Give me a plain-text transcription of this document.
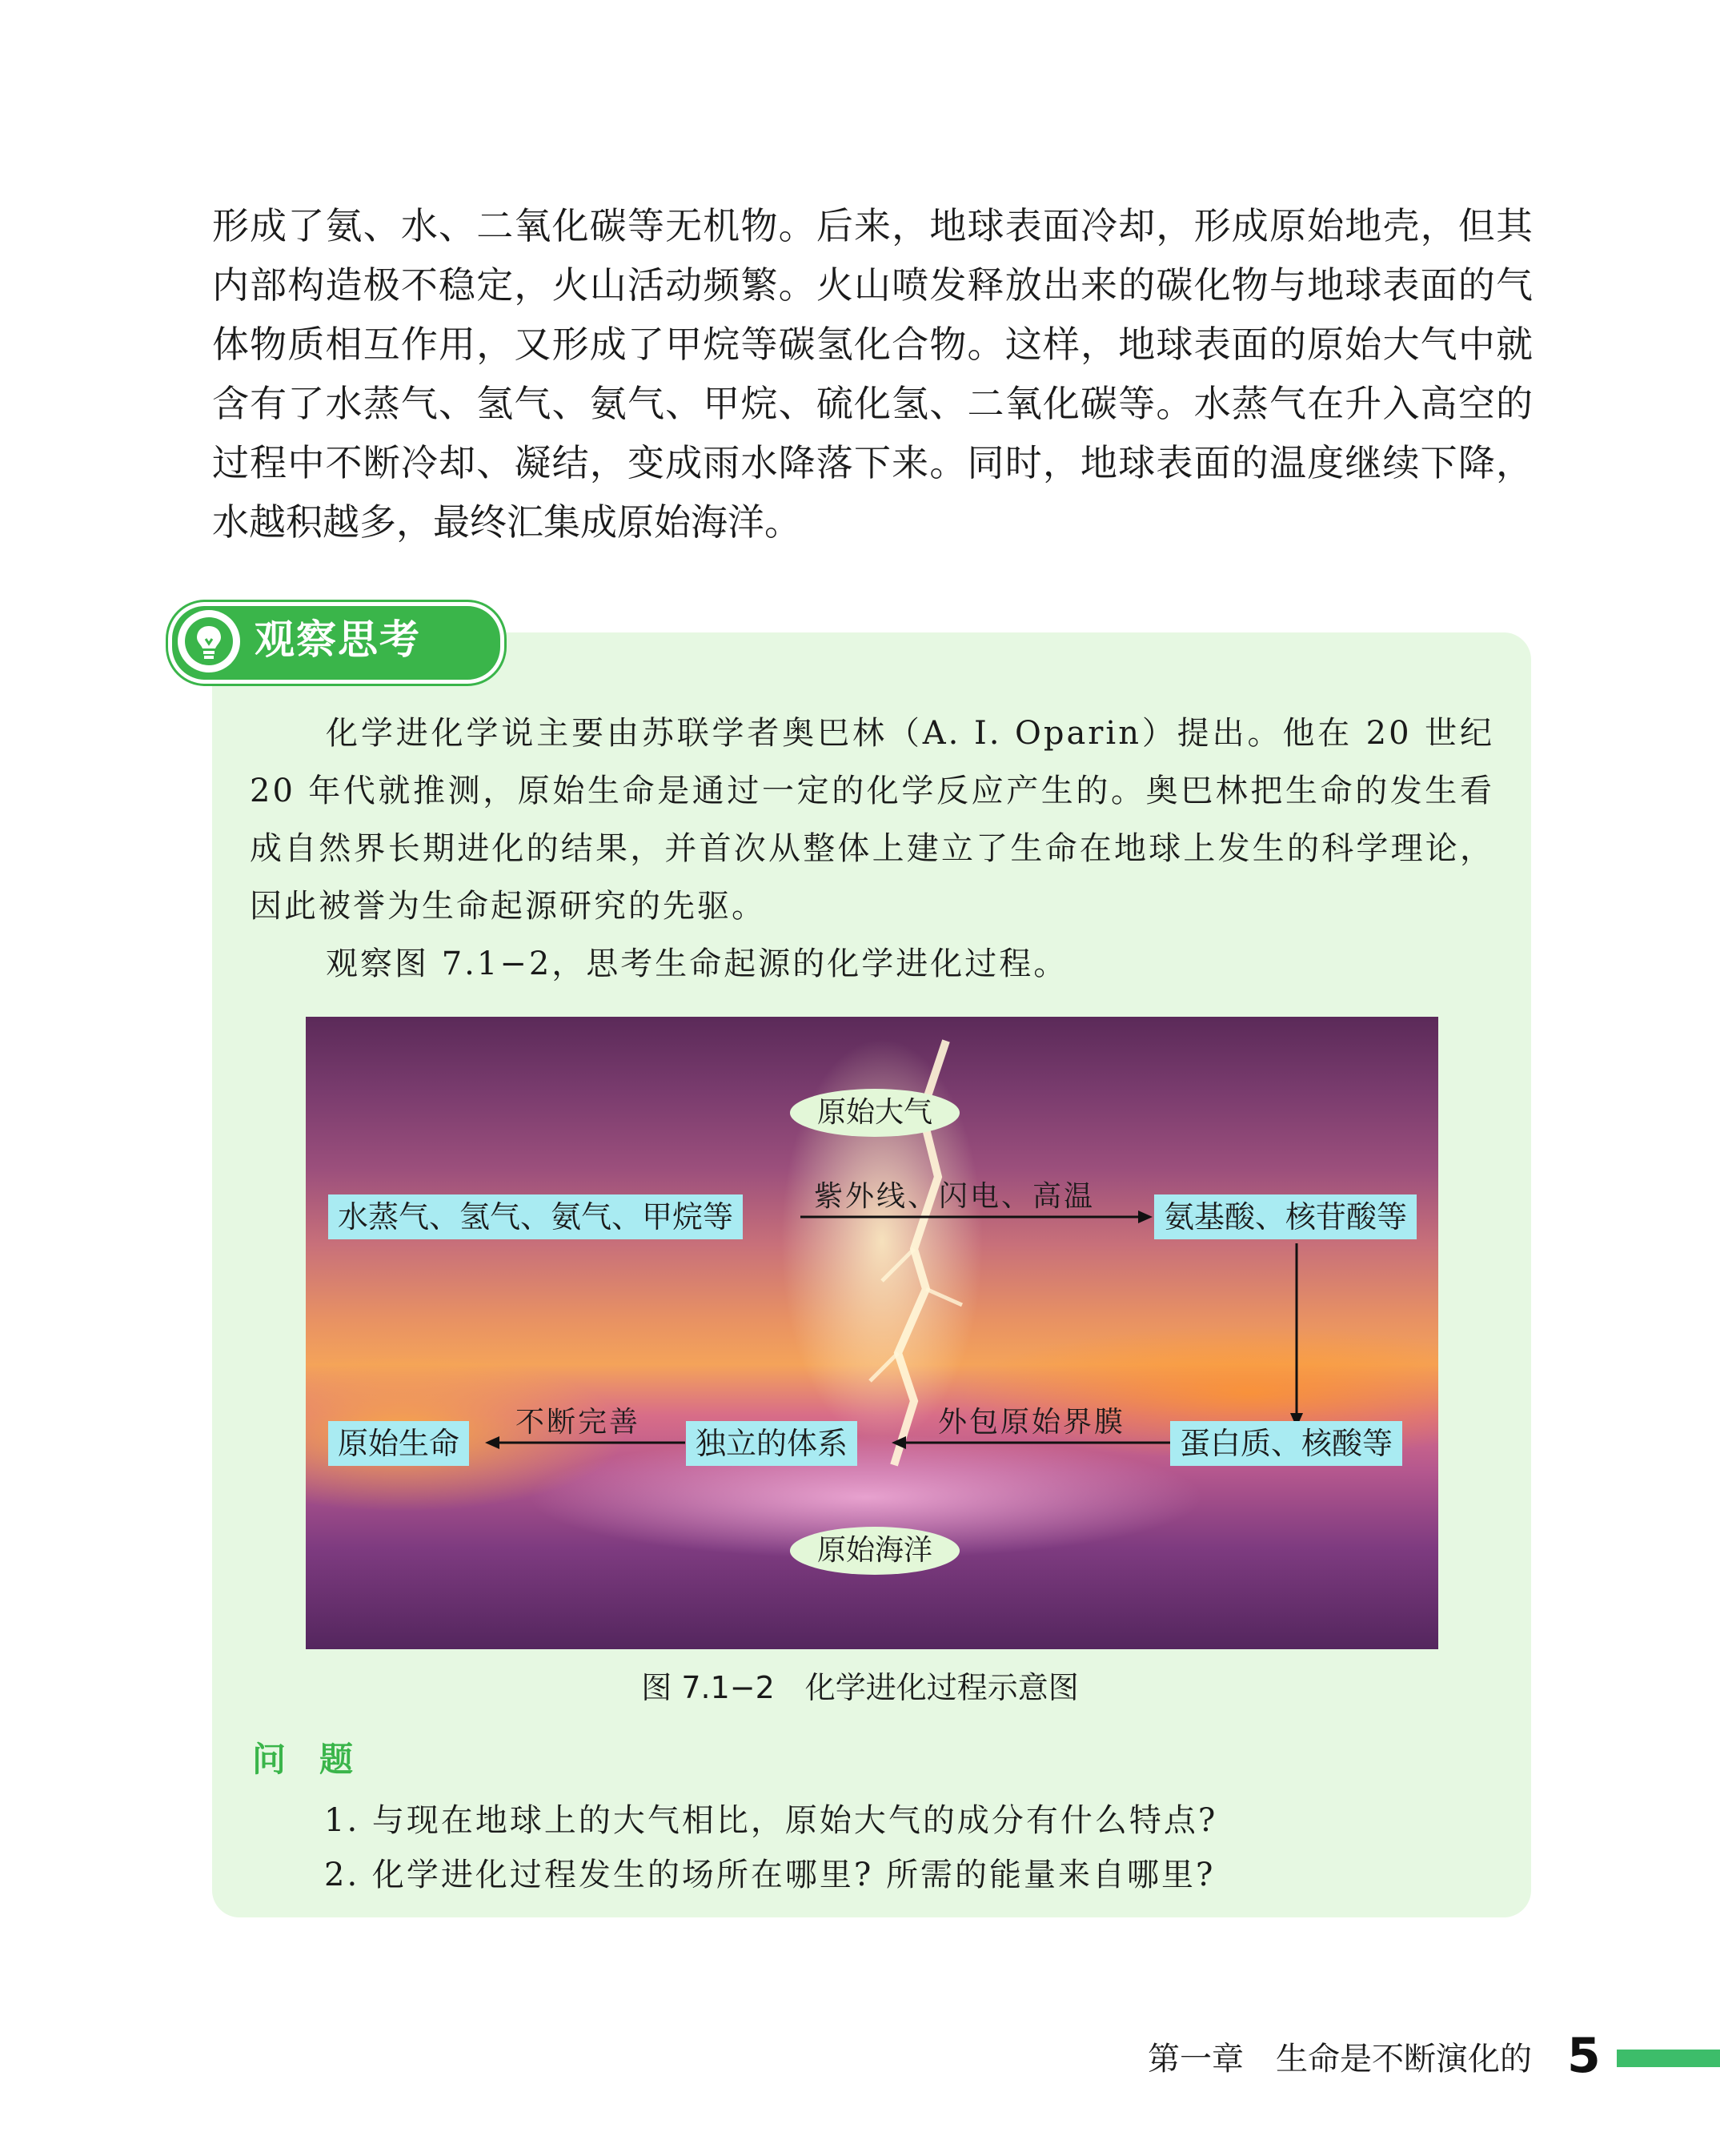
形成了氨、水、二氧化碳等无机物。后来，地球表面冷却，形成原始地壳，但其内部构造极不稳定，火山活动频繁。火山喷发释放出来的碳化物与地球表面的气体物质相互作用，又形成了甲烷等碳氢化合物。这样，地球表面的原始大气中就含有了水蒸气、氢气、氨气、甲烷、硫化氢、二氧化碳等。水蒸气在升入高空的过程中不断冷却、凝结，变成雨水降落下来。同时，地球表面的温度继续下降，水越积越多，最终汇集成原始海洋。

观察思考

化学进化学说主要由苏联学者奥巴林（A. I. Oparin）提出。他在 20 世纪 20 年代就推测，原始生命是通过一定的化学反应产生的。奥巴林把生命的发生看成自然界长期进化的结果，并首次从整体上建立了生命在地球上发生的科学理论，因此被誉为生命起源研究的先驱。

观察图 7.1−2，思考生命起源的化学进化过程。

原始大气
原始海洋
水蒸气、氢气、氨气、甲烷等	氨基酸、核苷酸等
蛋白质、核酸等
独立的体系
原始生命
紫外线、闪电、高温
外包原始界膜
不断完善
图 7.1−2　化学进化过程示意图
问　题
1. 与现在地球上的大气相比，原始大气的成分有什么特点?
2. 化学进化过程发生的场所在哪里? 所需的能量来自哪里?
第一章　生命是不断演化的 5
